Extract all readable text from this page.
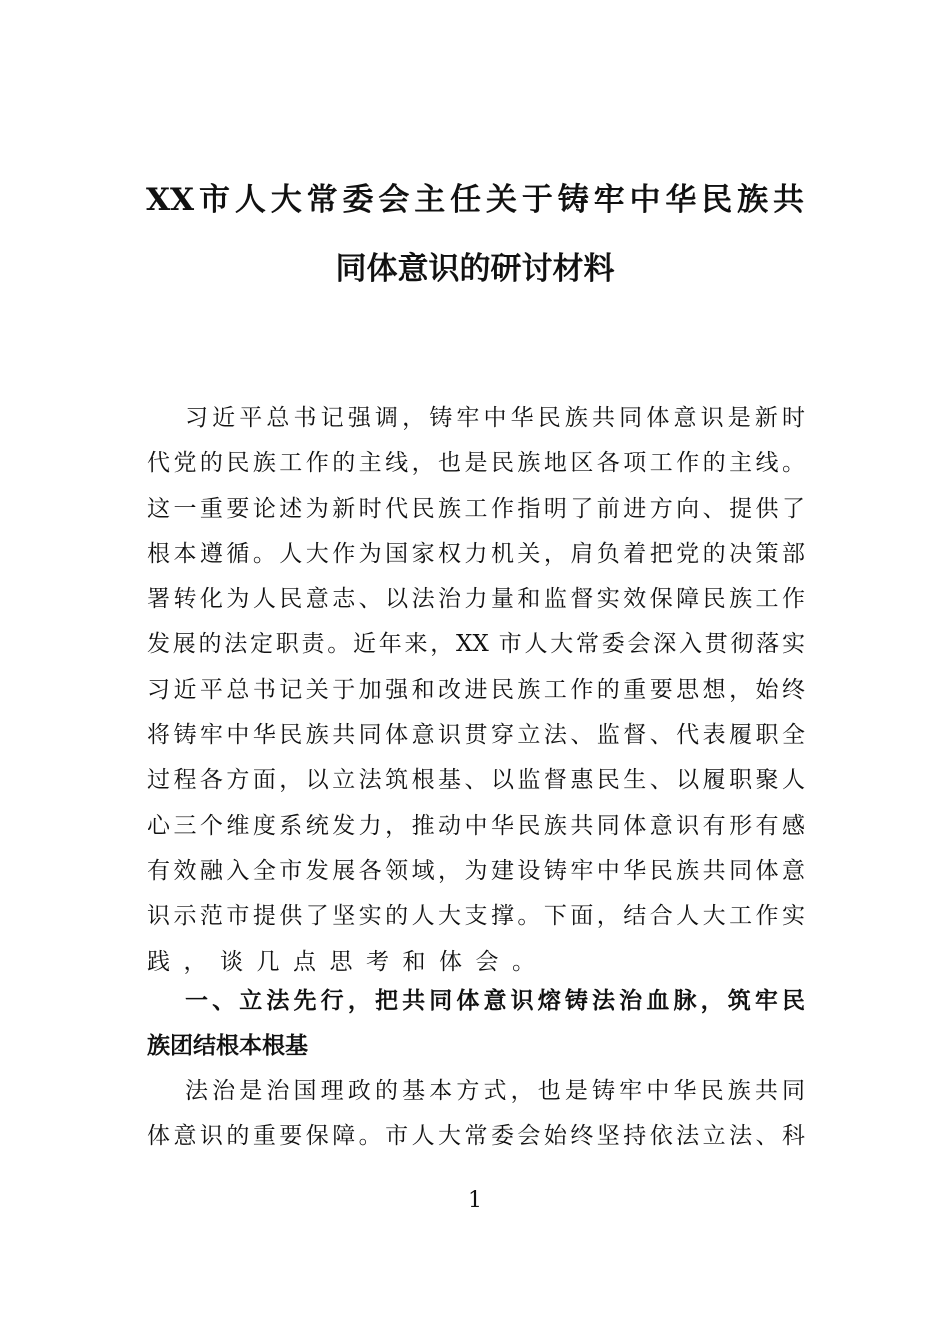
XX市人大常委会主任关于铸牢中华民族共
同体意识的研讨材料
习近平总书记强调，铸牢中华民族共同体意识是新时
代党的民族工作的主线，也是民族地区各项工作的主线。
这一重要论述为新时代民族工作指明了前进方向、提供了
根本遵循。人大作为国家权力机关，肩负着把党的决策部
署转化为人民意志、以法治力量和监督实效保障民族工作
发展的法定职责。近年来，XX 市人大常委会深入贯彻落实
习近平总书记关于加强和改进民族工作的重要思想，始终
将铸牢中华民族共同体意识贯穿立法、监督、代表履职全
过程各方面，以立法筑根基、以监督惠民生、以履职聚人
心三个维度系统发力，推动中华民族共同体意识有形有感
有效融入全市发展各领域，为建设铸牢中华民族共同体意
识示范市提供了坚实的人大支撑。下面，结合人大工作实
践，谈几点思考和体会。
一、立法先行，把共同体意识熔铸法治血脉，筑牢民
族团结根本根基
法治是治国理政的基本方式，也是铸牢中华民族共同
体意识的重要保障。市人大常委会始终坚持依法立法、科
1
